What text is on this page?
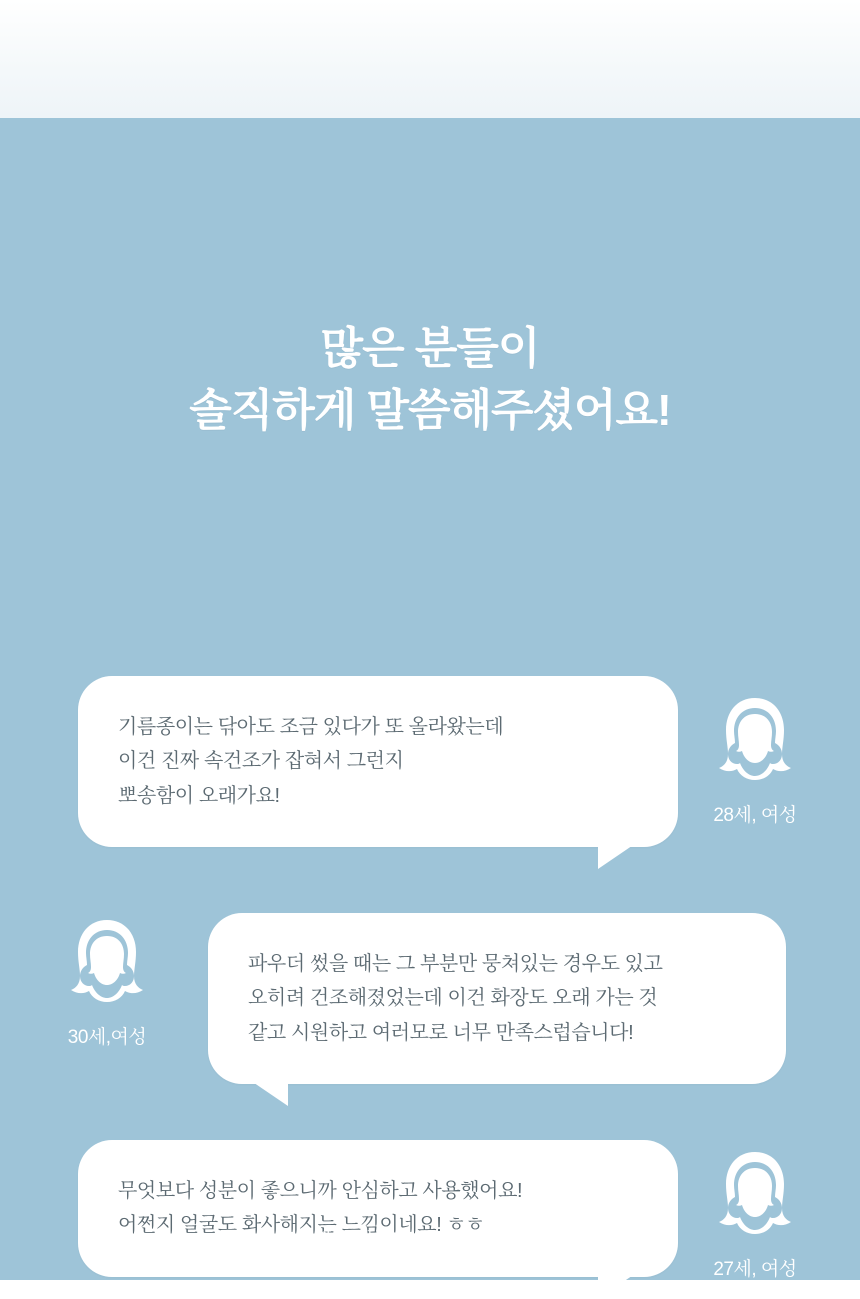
많은 분들이
솔직하게 말씀해주셨어요!

기름종이는 닦아도 조금 있다가 또 올라왔는데

이건 진짜 속건조가 잡혀서 그런지

뽀송함이 오래가요!

28세, 여성

파우더 썼을 때는 그 부분만 뭉쳐있는 경우도 있고

오히려 건조해졌었는데 이건 화장도 오래 가는 것

같고 시원하고 여러모로 너무 만족스럽습니다!

30세,여성

무엇보다 성분이 좋으니까 안심하고 사용했어요!

어쩐지 얼굴도 화사해지는 느낌이네요! ㅎㅎ

27세, 여성
* 자사몰 구매 후 작성된 리뷰를 일부 발췌하였습니다.
